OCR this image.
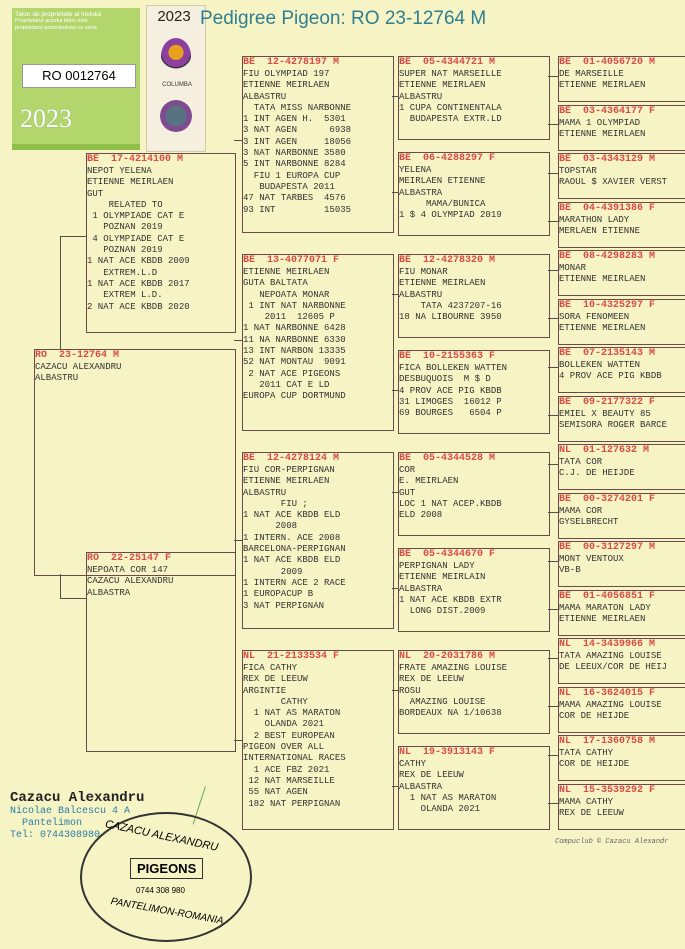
Talon de proprietate al inelului
Proprietarul acestui talon este
proprietarul porumbelului cu seria
RO 0012764
2023
2023
COLUMBA
Pedigree Pigeon: RO 23-12764 M
RO  23-12764 M
CAZACU ALEXANDRU
ALBASTRU
BE  17-4214100 M
NEPOT YELENA
ETIENNE MEIRLAEN
GUT
RELATED TO
1 OLYMPIADE CAT E
POZNAN 2019
4 OLYMPIADE CAT E
POZNAN 2019
1 NAT ACE KBDB 2009
EXTREM.L.D
1 NAT ACE KBDB 2017
EXTREM L.D.
2 NAT ACE KBDB 2020
RO  22-25147 F
NEPOATA COR 147
CAZACU ALEXANDRU
ALBASTRA
BE  12-4278197 M
FIU OLYMPIAD 197
ETIENNE MEIRLAEN
ALBASTRU
TATA MISS NARBONNE
1 INT AGEN H.  5301
3 NAT AGEN      6938
3 INT AGEN     18056
3 NAT NARBONNE 3580
5 INT NARBONNE 8284
FIU 1 EUROPA CUP
BUDAPESTA 2011
47 NAT TARBES  4576
93 INT         15035
BE  13-4077071 F
ETIENNE MEIRLAEN
GUTA BALTATA
NEPOATA MONAR
1 INT NAT NARBONNE
2011  12605 P
1 NAT NARBONNE 6428
11 NA NARBONNE 6330
13 INT NARBON 13335
52 NAT MONTAU  9091
2 NAT ACE PIGEONS
2011 CAT E LD
EUROPA CUP DORTMUND
BE  12-4278124 M
FIU COR-PERPIGNAN
ETIENNE MEIRLAEN
ALBASTRU
FIU ;
1 NAT ACE KBDB ELD
2008
1 INTERN. ACE 2008
BARCELONA-PERPIGNAN
1 NAT ACE KBDB ELD
2009
1 INTERN ACE 2 RACE
1 EUROPACUP B
3 NAT PERPIGNAN
NL  21-2133534 F
FICA CATHY
REX DE LEEUW
ARGINTIE
CATHY
1 NAT AS MARATON
OLANDA 2021
2 BEST EUROPEAN
PIGEON OVER ALL
INTERNATIONAL RACES
1 ACE FBZ 2021
12 NAT MARSEILLE
55 NAT AGEN
182 NAT PERPIGNAN
BE  05-4344721 M
SUPER NAT MARSEILLE
ETIENNE MEIRLAEN
ALBASTRU
1 CUPA CONTINENTALA
BUDAPESTA EXTR.LD
BE  06-4288297 F
YELENA
MEIRLAEN ETIENNE
ALBASTRA
MAMA/BUNICA
1 $ 4 OLYMPIAD 2019
BE  12-4278320 M
FIU MONAR
ETIENNE MEIRLAEN
ALBASTRU
TATA 4237207-16
18 NA LIBOURNE 3950
BE  10-2155363 F
FICA BOLLEKEN WATTEN
DESBUQUOIS  M $ D
4 PROV ACE PIG KBDB
31 LIMOGES  16012 P
69 BOURGES   6504 P
BE  05-4344528 M
COR
E. MEIRLAEN
GUT
LOC 1 NAT ACEP.KBDB
ELD 2008
BE  05-4344670 F
PERPIGNAN LADY
ETIENNE MEIRLAIN
ALBASTRA
1 NAT ACE KBDB EXTR
LONG DIST.2009
NL  20-2031786 M
FRATE AMAZING LOUISE
REX DE LEEUW
ROSU
AMAZING LOUISE
BORDEAUX NA 1/10638
NL  19-3913143 F
CATHY
REX DE LEEUW
ALBASTRA
1 NAT AS MARATON
OLANDA 2021
BE  01-4056720 M
DE MARSEILLE
ETIENNE MEIRLAEN
BE  03-4364177 F
MAMA 1 OLYMPIAD
ETIENNE MEIRLAEN
BE  03-4343129 M
TOPSTAR
RAOUL $ XAVIER VERST
BE  04-4391386 F
MARATHON LADY
MERLAEN ETIENNE
BE  08-4298283 M
MONAR
ETIENNE MEIRLAEN
BE  10-4325297 F
SORA FENOMEEN
ETIENNE MEIRLAEN
BE  07-2135143 M
BOLLEKEN WATTEN
4 PROV ACE PIG KBDB
BE  09-2177322 F
EMIEL X BEAUTY 85
SEMISORA ROGER BARCE
NL  01-127632 M
TATA COR
C.J. DE HEIJDE
BE  00-3274201 F
MAMA COR
GYSELBRECHT
BE  00-3127297 M
MONT VENTOUX
VB-B
BE  01-4056851 F
MAMA MARATON LADY
ETIENNE MEIRLAEN
NL  14-3439966 M
TATA AMAZING LOUISE
DE LEEUX/COR DE HEIJ
NL  16-3624015 F
MAMA AMAZING LOUISE
COR DE HEIJDE
NL  17-1360758 M
TATA CATHY
COR DE HEIJDE
NL  15-3539292 F
MAMA CATHY
REX DE LEEUW
Cazacu Alexandru
Nicolae Balcescu 4 A
Pantelimon
Tel: 0744308980 CAZACU ALEXANDRU
PIGEONS
0744 308 980
PANTELIMON-ROMANIA
Compuclub © Cazacu Alexandr
